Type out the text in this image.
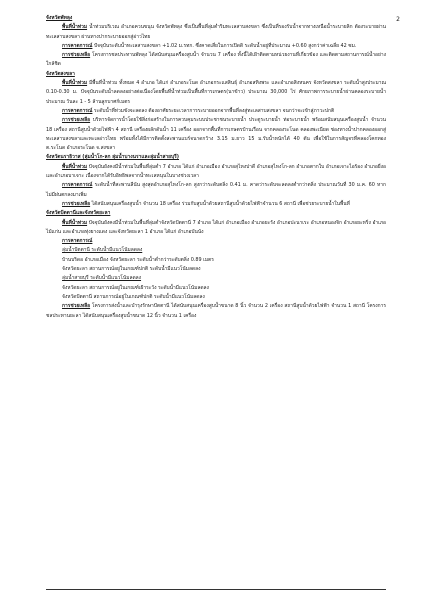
2

จังหวัดพัทลุง

พื้นที่น้ำท่วม น้ำท่วมบริเวณ อำเภอควนขนุน จังหวัดพัทลุง ซึ่งเป็นพื้นที่ลุ่มต่ำริมทะเลสาบสงขลา ซึ่งเป็นที่รองรับน้ำจากทางเหนือน้ำระบายลิก ต้องระบายผ่านทะเลสาบสงขลา ผ่านทางปากระบายออกสู่อ่าวไทย

การคาดการณ์ ปัจจุบันระดับน้ำทะเลสาบสงขลา +1.02 ม.รทก. ซึ่งคาดเสี่ยในการเปิดดิ ระดับน้ำอยู่ที่ประมาณ +0.60 สูงกว่าค่าเฉลี่ย 42 ซม.

การช่วยเหลือ โครงการชลประทานพัทลุง ได้สนับสนุนเครื่องสูบน้ำ จำนวน 7 เครื่อง ทั้งนี้ได้เฝ้าติดตามหน่วยงานที่เกี่ยวข้อง และติดตามสถานการณ์น้ำอย่างใกล้ชิด

จังหวัดสงขลา

พื้นที่น้ำท่วม มีพื้นที่น้ำท่วม ทั้งหมด 4 อำเภอ ได้แก่ อำเภอระโนด อำเภอกระแสสินธุ์ อำเภอสทิงพระ และอำเภอสิงหนคร จังหวัดสงขลา ระดับน้ำสูงประมาณ 0.10-0.30 ม. ปัจจุบันระดับน้ำลดลงอย่างต่อเนื่องโดยพื้นที่น้ำท่วมเป็นพื้นที่การเกษตร(นาข้าว) ประมาณ 30,000 ไร่ ศักยภาพการระบายน้ำผ่านคลองระบายน้ำ ประมาณ วันละ 1 - 5 ล้านลูกบาศก์เมตร

การคาดการณ์ ระดับน้ำที่ท่วมขังจะลดลง ต้องอาศัยระยะเวลาการระบายออกจากพื้นที่ลงสู่ทะเลสาบสงขลา จนกว่าจะเข้าสู่ภาวะปกติ

การช่วยเหลือ บริหารจัดการน้ำโดยใช้สิ่งก่อสร้างในการควบคุมระบบประชาชนระบายน้ำ ประตูระบายน้ำ ท่อระบายน้ำ พร้อมสนับสนุนเครื่องสูบน้ำ จำนวน 18 เครื่อง สถานีสูบน้ำด้วยไฟฟ้า 4 สถานี เครื่องผลักดันน้ำ 11 เครื่อง ออกจากพื้นที่การเกษตรบ้านเรือน จากคลองระโนด คลองพะเนียด ช่องทางน้ำปากคลองออกสู่ทะเลสาบสงขลาและทะเลอ่าวไทย พร้อมทั้งได้มีการติดตั้งสะพานแบร์จนาดกว้าง 3.15 ม.ยาว 15 ม.รับน้ำหนักได้ 40 ตัน เพื่อใช้ในการสัญจรที่คลองโคกทอง ต.ระโนด อำเภอระโนด จ.สงขลา

จังหวัดนราธิวาส (ลุ่มน้ำโก-ลก ลุ่มน้ำบางนราและลุ่มน้ำสายบุรี)

พื้นที่น้ำท่วม ปัจจุบันยังคงมีน้ำท่วมในพื้นที่ลุ่มต่ำ 7 อำเภอ ได้แก่ อำเภอเมือง อำเภอสุไหงปาดี อำเภอสุไหงโก-ลก อำเภอตากใบ อำเภอเจาะไอร้อง อำเภอยี่งอ และอำเภอบาเจาะ เนื่องจากได้รับอิทธิพลจากน้ำทะเลหนุนในบางช่วงเวลา

การคาดการณ์ ระดับน้ำที่สะพานลีนัน สูงสุดอำเภอสุไหงโก-ลก สูงกว่าระดับตลิ่ง 0.41 ม. คาดว่าระดับจะลดลงต่ำกว่าตลิ่ง ประมาณวันที่ 30 ม.ค. 60 หากไม่มีฝนตกลงมาเพิ่ม

การช่วยเหลือ ได้สนับสนุนเครื่องสูบน้ำ จำนวน 18 เครื่อง ร่วมกับสูบน้ำด้วยสถานีสูบน้ำด้วยไฟฟ้าจำนวน 6 สถานี เพื่อช่วยระบายน้ำในพื้นที่

จังหวัดปัตตานีและจังหวัดยะลา

พื้นที่น้ำท่วม ปัจจุบันยังคงมีน้ำท่วมในพื้นที่ลุ่มต่ำจังหวัดปัตตานี 7 อำเภอ ได้แก่ อำเภอเมือง อำเภอยะรัง อำเภอปะนาเระ อำเภอหนองจิก อำเภอยะหริ่ง อำเภอไม้แก่น และอำเภอทุ่งยางแดง และจังหวัดยะลา 1 อำเภอ ได้แก่ อำเภอบันนัง

การคาดการณ์

ลุ่มน้ำปัตตานี ระดับน้ำมีแนวโน้มลดลง

บ้านบริดอ อำเภอเมือง จังหวัดยะลา ระดับน้ำต่ำกว่าระดับตลิ่ง 0.89 เมตร

จังหวัดยะลา สถานการณ์อยู่ในเกณฑ์ปกติ ระดับน้ำมีแนวโน้มลดลง

ลุ่มน้ำสายบุรี ระดับน้ำมีแนวโน้มลดลง

จังหวัดยะลา สถานการณ์อยู่ในเกณฑ์เฝ้าระวัง ระดับน้ำมีแนวโน้มลดลง

จังหวัดปัตตานี สถานการณ์อยู่ในเกณฑ์ปกติ ระดับน้ำมีแนวโน้มลดลง

การช่วยเหลือ โครงการส่งน้ำและบำรุงรักษาปัตตานี ได้สนับสนุนเครื่องสูบน้ำขนาด 8 นิ้ว จำนวน 2 เครื่อง สถานีสูบน้ำด้วยไฟฟ้า จำนวน 1 สถานี โครงการชลประทานยะลา ได้สนับสนุนเครื่องสูบน้ำขนาด 12 นิ้ว จำนวน 1 เครื่อง
